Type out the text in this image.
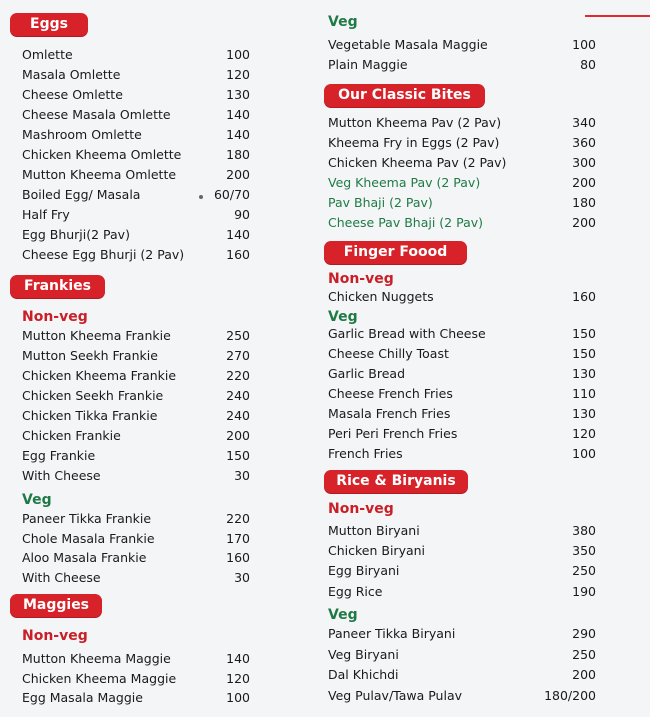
Eggs
Omlette	100
Masala Omlette	120
Cheese Omlette	130
Cheese Masala Omlette	140
Mashroom Omlette	140
Chicken Kheema Omlette	180
Mutton Kheema Omlette	200
Boiled Egg/ Masala	60/70
Half Fry	90
Egg Bhurji(2 Pav)	140
Cheese Egg Bhurji (2 Pav)	160
Frankies
Non-veg
Mutton Kheema Frankie	250
Mutton Seekh Frankie	270
Chicken Kheema Frankie	220
Chicken Seekh Frankie	240
Chicken Tikka Frankie	240
Chicken Frankie	200
Egg Frankie	150
With Cheese	30
Veg
Paneer Tikka Frankie	220
Chole Masala Frankie	170
Aloo Masala Frankie	160
With Cheese	30
Maggies
Non-veg
Mutton Kheema Maggie	140
Chicken Kheema Maggie	120
Egg Masala Maggie	100
Veg
Vegetable Masala Maggie	100
Plain Maggie	80
Our Classic Bites
Mutton Kheema Pav (2 Pav)	340
Kheema Fry in Eggs (2 Pav)	360
Chicken Kheema Pav (2 Pav)	300
Veg Kheema Pav (2 Pav)	200
Pav Bhaji (2 Pav)	180
Cheese Pav Bhaji (2 Pav)	200
Finger Foood
Non-veg
Chicken Nuggets	160
Veg
Garlic Bread with Cheese	150
Cheese Chilly Toast	150
Garlic Bread	130
Cheese French Fries	110
Masala French Fries	130
Peri Peri French Fries	120
French Fries	100
Rice & Biryanis
Non-veg
Mutton Biryani	380
Chicken Biryani	350
Egg Biryani	250
Egg Rice	190
Veg
Paneer Tikka Biryani	290
Veg Biryani	250
Dal Khichdi	200
Veg Pulav/Tawa Pulav	180/200
